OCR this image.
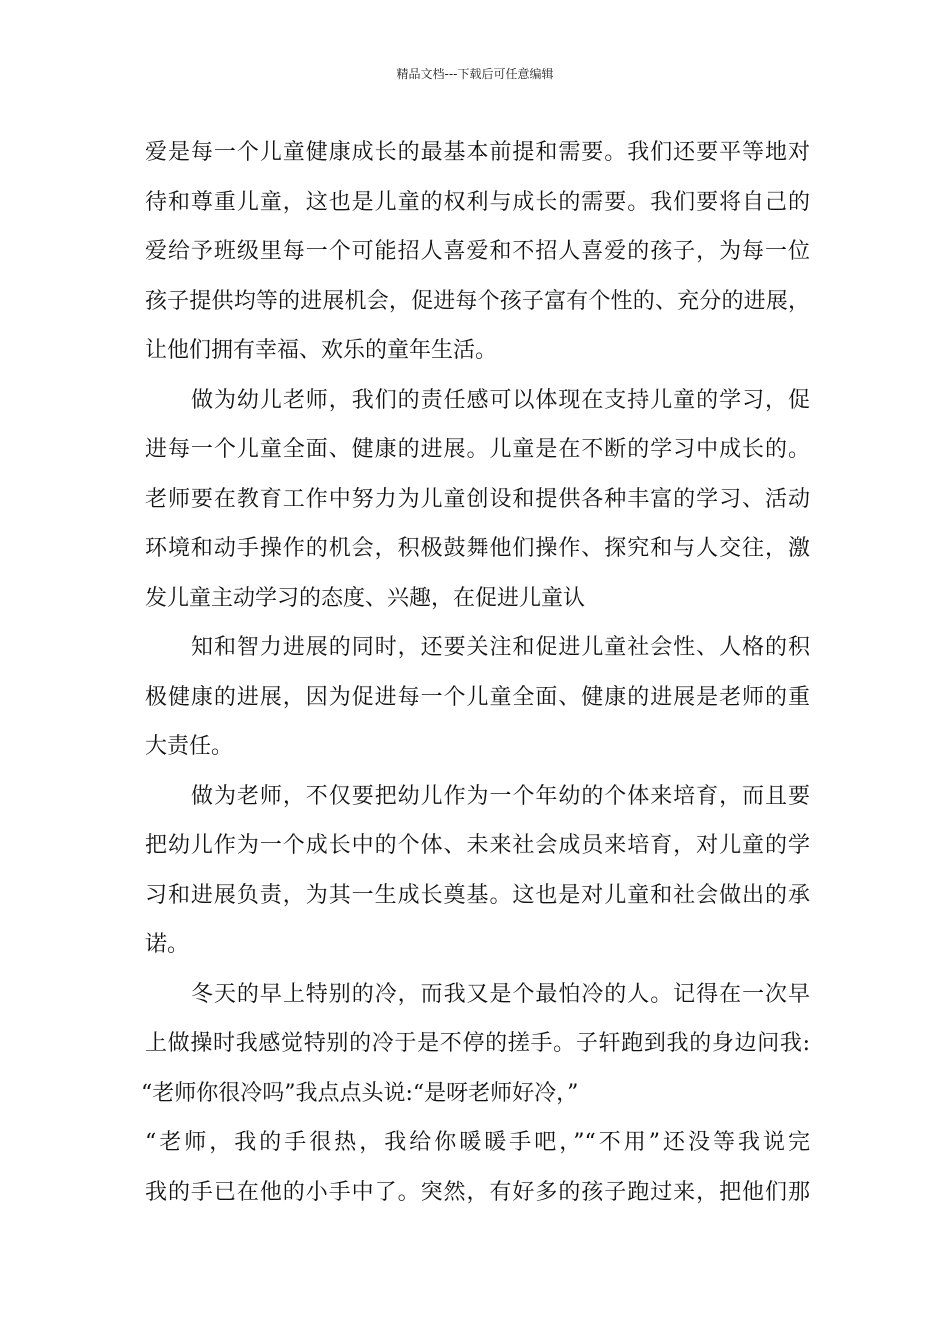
精品文档---下载后可任意编辑
爱是每一个儿童健康成长的最基本前提和需要。我们还要平等地对
待和尊重儿童，这也是儿童的权利与成长的需要。我们要将自己的
爱给予班级里每一个可能招人喜爱和不招人喜爱的孩子，为每一位
孩子提供均等的进展机会，促进每个孩子富有个性的、充分的进展，
让他们拥有幸福、欢乐的童年生活。
做为幼儿老师，我们的责任感可以体现在支持儿童的学习，促
进每一个儿童全面、健康的进展。儿童是在不断的学习中成长的。
老师要在教育工作中努力为儿童创设和提供各种丰富的学习、活动
环境和动手操作的机会，积极鼓舞他们操作、探究和与人交往，激
发儿童主动学习的态度、兴趣，在促进儿童认
知和智力进展的同时，还要关注和促进儿童社会性、人格的积
极健康的进展，因为促进每一个儿童全面、健康的进展是老师的重
大责任。
做为老师，不仅要把幼儿作为一个年幼的个体来培育，而且要
把幼儿作为一个成长中的个体、未来社会成员来培育，对儿童的学
习和进展负责，为其一生成长奠基。这也是对儿童和社会做出的承
诺。
冬天的早上特别的冷，而我又是个最怕冷的人。记得在一次早
上做操时我感觉特别的冷于是不停的搓手。子轩跑到我的身边问我:
“老师你很冷吗”我点点头说:“是呀老师好冷，”
“老师，我的手很热，我给你暖暖手吧，”“不用”还没等我说完
我的手已在他的小手中了。突然，有好多的孩子跑过来，把他们那
